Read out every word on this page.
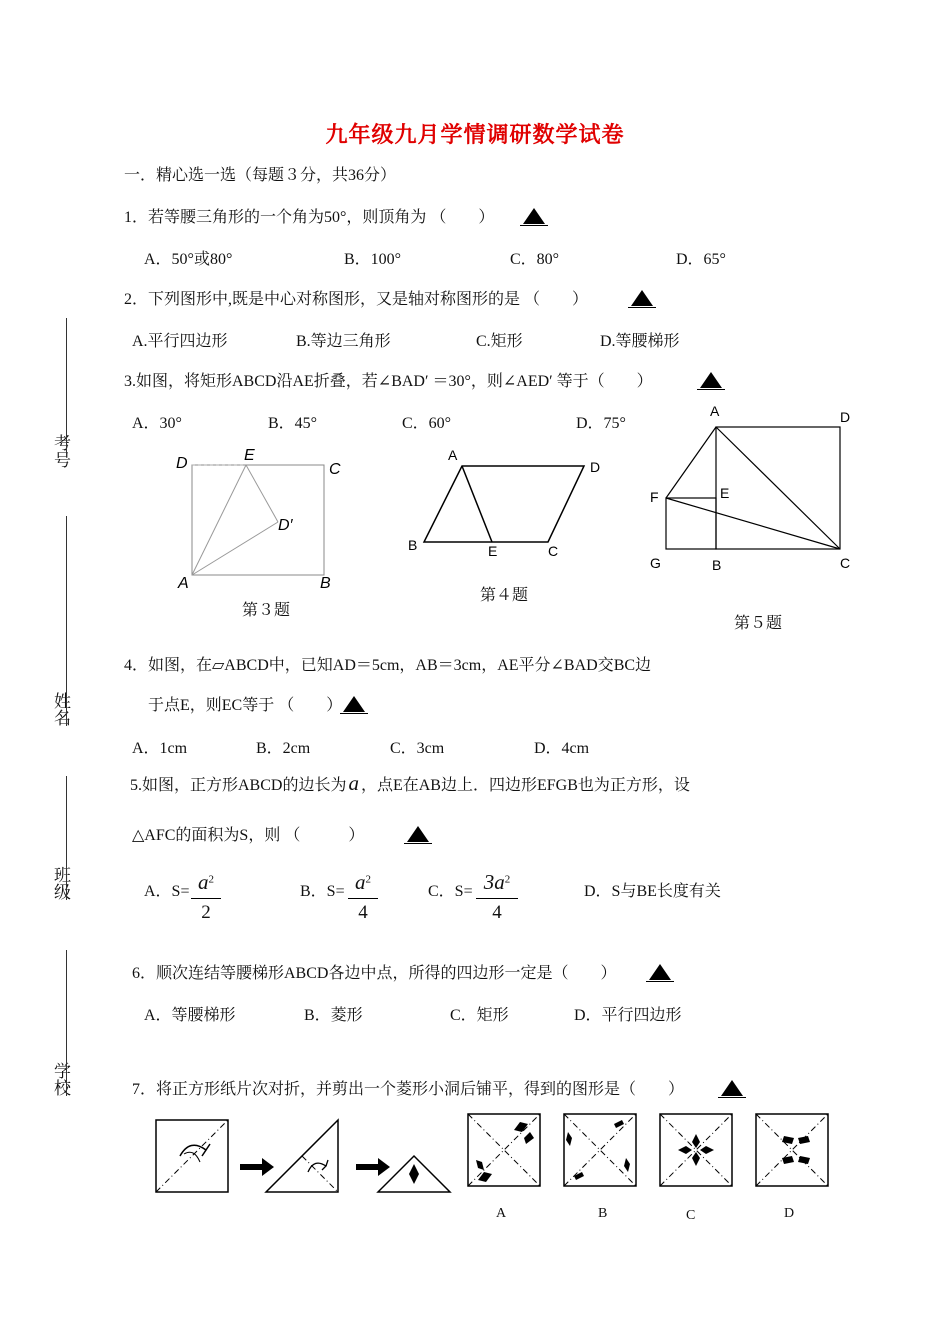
九年级九月学情调研数学试卷
一．精心选一选（每题３分，共36分）
考号
姓名
班级
学校
1．若等腰三角形的一个角为50°，则顶角为 （　　）
A．50°或80°	B．100°	C．80°	D．65°
2．下列图形中,既是中心对称图形，又是轴对称图形的是 （　　）
A.平行四边形	B.等边三角形	C.矩形	D.等腰梯形
3.如图，将矩形ABCD沿AE折叠，若∠BAD′ ＝30°，则∠AED′ 等于（　　）
A．30°	B．45°	C．60°	D．75°
D	E
C
D′
A	B
第３题
A
D
B	E	C
第４题
A	D
F	E
G	B	C
第５题
4．如图，在▱ABCD中，已知AD＝5cm，AB＝3cm，AE平分∠BAD交BC边
于点E，则EC等于 （　　）
A．1cm	B．2cm	C．3cm	D．4cm
5.如图，正方形ABCD的边长为a ，点E在AB边上．四边形EFGB也为正方形，设
△AFC的面积为S，则 （　　　）
A．$S= a^2$
2
B．$S= a^2$
4
C．$S= 3a^2$
4
D．S与BE长度有关
6．顺次连结等腰梯形ABCD各边中点，所得的四边形一定是（　　）
A．等腰梯形	B．菱形	C．矩形	D．平行四边形
7．将正方形纸片次对折，并剪出一个菱形小洞后铺平，得到的图形是（　　）
A	B	C	D
